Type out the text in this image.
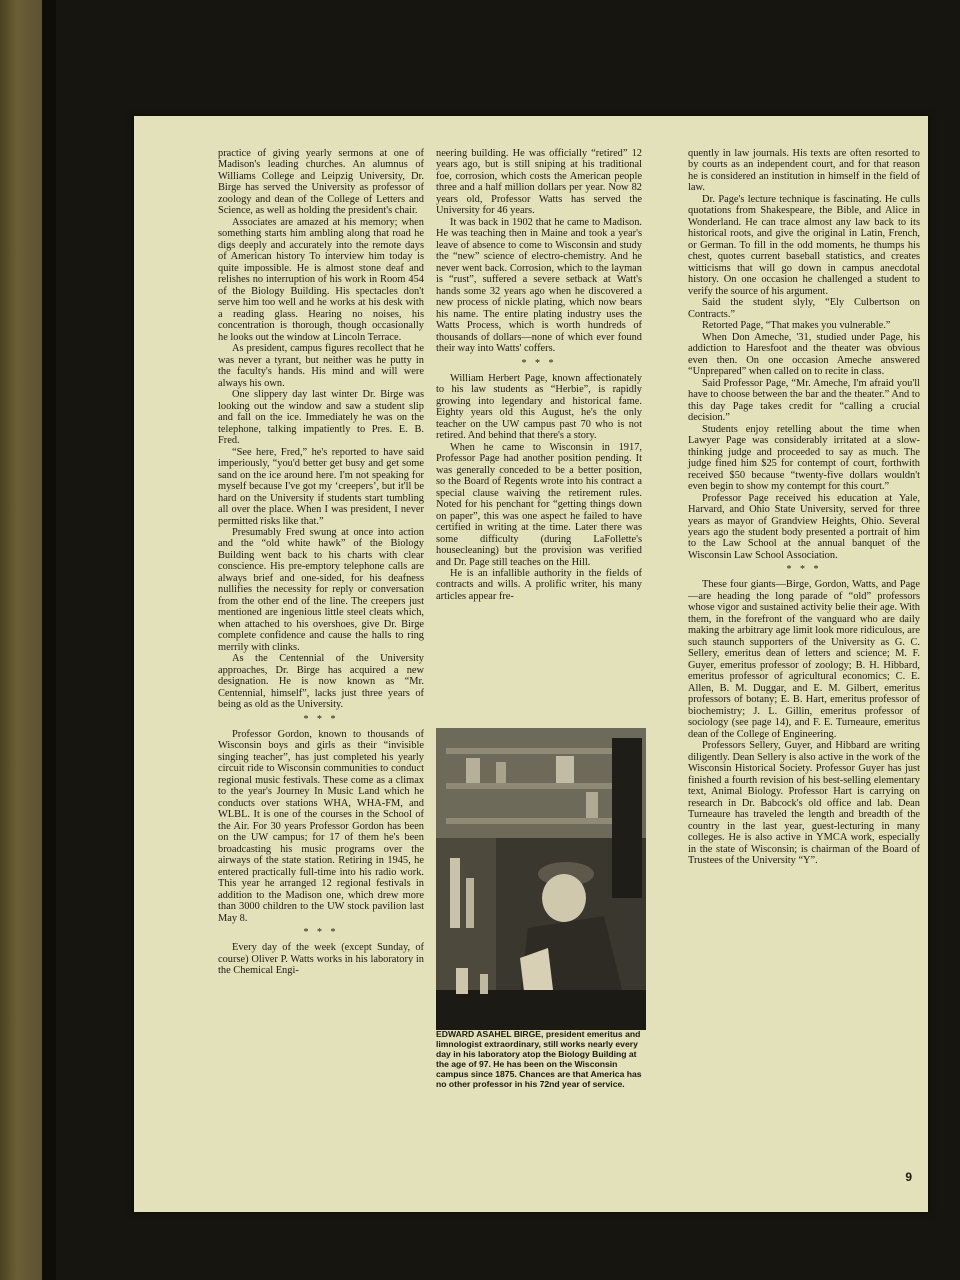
practice of giving yearly sermons at one of Madison's leading churches. An alumnus of Williams College and Leipzig University, Dr. Birge has served the University as professor of zoology and dean of the College of Letters and Science, as well as holding the president's chair.

Associates are amazed at his memory; when something starts him ambling along that road he digs deeply and accurately into the remote days of American history To interview him today is quite impossible. He is almost stone deaf and relishes no interruption of his work in Room 454 of the Biology Building. His spectacles don't serve him too well and he works at his desk with a reading glass. Hearing no noises, his concentration is thorough, though occasionally he looks out the window at Lincoln Terrace.

As president, campus figures recollect that he was never a tyrant, but neither was he putty in the faculty's hands. His mind and will were always his own.

One slippery day last winter Dr. Birge was looking out the window and saw a student slip and fall on the ice. Immediately he was on the telephone, talking impatiently to Pres. E. B. Fred.

“See here, Fred,” he's reported to have said imperiously, “you'd better get busy and get some sand on the ice around here. I'm not speaking for myself because I've got my ‘creepers’, but it'll be hard on the University if students start tumbling all over the place. When I was president, I never permitted risks like that.”

Presumably Fred swung at once into action and the “old white hawk” of the Biology Building went back to his charts with clear conscience. His pre-emptory telephone calls are always brief and one-sided, for his deafness nullifies the necessity for reply or conversation from the other end of the line. The creepers just mentioned are ingenious little steel cleats which, when attached to his overshoes, give Dr. Birge complete confidence and cause the halls to ring merrily with clinks.

As the Centennial of the University approaches, Dr. Birge has acquired a new designation. He is now known as “Mr. Centennial, himself”, lacks just three years of being as old as the University.

* * *

Professor Gordon, known to thousands of Wisconsin boys and girls as their “invisible singing teacher”, has just completed his yearly circuit ride to Wisconsin communities to conduct regional music festivals. These come as a climax to the year's Journey In Music Land which he conducts over stations WHA, WHA-FM, and WLBL. It is one of the courses in the School of the Air. For 30 years Professor Gordon has been on the UW campus; for 17 of them he's been broadcasting his music programs over the airways of the state station. Retiring in 1945, he entered practically full-time into his radio work. This year he arranged 12 regional festivals in addition to the Madison one, which drew more than 3000 children to the UW stock pavilion last May 8.

* * *

Every day of the week (except Sunday, of course) Oliver P. Watts works in his laboratory in the Chemical Engi-

neering building. He was officially “retired” 12 years ago, but is still sniping at his traditional foe, corrosion, which costs the American people three and a half million dollars per year. Now 82 years old, Professor Watts has served the University for 46 years.

It was back in 1902 that he came to Madison. He was teaching then in Maine and took a year's leave of absence to come to Wisconsin and study the “new” science of electro-chemistry. And he never went back. Corrosion, which to the layman is “rust”, suffered a severe setback at Watt's hands some 32 years ago when he discovered a new process of nickle plating, which now bears his name. The entire plating industry uses the Watts Process, which is worth hundreds of thousands of dollars—none of which ever found their way into Watts' coffers.

* * *

William Herbert Page, known affectionately to his law students as “Herbie”, is rapidly growing into legendary and historical fame. Eighty years old this August, he's the only teacher on the UW campus past 70 who is not retired. And behind that there's a story.

When he came to Wisconsin in 1917, Professor Page had another position pending. It was generally conceded to be a better position, so the Board of Regents wrote into his contract a special clause waiving the retirement rules. Noted for his penchant for “getting things down on paper”, this was one aspect he failed to have certified in writing at the time. Later there was some difficulty (during LaFollette's housecleaning) but the provision was verified and Dr. Page still teaches on the Hill.

He is an infallible authority in the fields of contracts and wills. A prolific writer, his many articles appear fre-

EDWARD ASAHEL BIRGE, president emeritus and limnologist extraordinary, still works nearly every day in his laboratory atop the Biology Building at the age of 97. He has been on the Wisconsin campus since 1875. Chances are that America has no other professor in his 72nd year of service.

quently in law journals. His texts are often resorted to by courts as an independent court, and for that reason he is considered an institution in himself in the field of law.

Dr. Page's lecture technique is fascinating. He culls quotations from Shakespeare, the Bible, and Alice in Wonderland. He can trace almost any law back to its historical roots, and give the original in Latin, French, or German. To fill in the odd moments, he thumps his chest, quotes current baseball statistics, and creates witticisms that will go down in campus anecdotal history. On one occasion he challenged a student to verify the source of his argument.

Said the student slyly, “Ely Culbertson on Contracts.”

Retorted Page, “That makes you vulnerable.”

When Don Ameche, '31, studied under Page, his addiction to Haresfoot and the theater was obvious even then. On one occasion Ameche answered “Unprepared” when called on to recite in class.

Said Professor Page, “Mr. Ameche, I'm afraid you'll have to choose between the bar and the theater.” And to this day Page takes credit for “calling a crucial decision.”

Students enjoy retelling about the time when Lawyer Page was considerably irritated at a slow-thinking judge and proceeded to say as much. The judge fined him $25 for contempt of court, forthwith received $50 because “twenty-five dollars wouldn't even begin to show my contempt for this court.”

Professor Page received his education at Yale, Harvard, and Ohio State University, served for three years as mayor of Grandview Heights, Ohio. Several years ago the student body presented a portrait of him to the Law School at the annual banquet of the Wisconsin Law School Association.

* * *

These four giants—Birge, Gordon, Watts, and Page—are heading the long parade of “old” professors whose vigor and sustained activity belie their age. With them, in the forefront of the vanguard who are daily making the arbitrary age limit look more ridiculous, are such staunch supporters of the University as G. C. Sellery, emeritus dean of letters and science; M. F. Guyer, emeritus professor of zoology; B. H. Hibbard, emeritus professor of agricultural economics; C. E. Allen, B. M. Duggar, and E. M. Gilbert, emeritus professors of botany; E. B. Hart, emeritus professor of biochemistry; J. L. Gillin, emeritus professor of sociology (see page 14), and F. E. Turneaure, emeritus dean of the College of Engineering.

Professors Sellery, Guyer, and Hibbard are writing diligently. Dean Sellery is also active in the work of the Wisconsin Historical Society. Professor Guyer has just finished a fourth revision of his best-selling elementary text, Animal Biology. Professor Hart is carrying on research in Dr. Babcock's old office and lab. Dean Turneaure has traveled the length and breadth of the country in the last year, guest-lecturing in many colleges. He is also active in YMCA work, especially in the state of Wisconsin; is chairman of the Board of Trustees of the University “Y”.

9
